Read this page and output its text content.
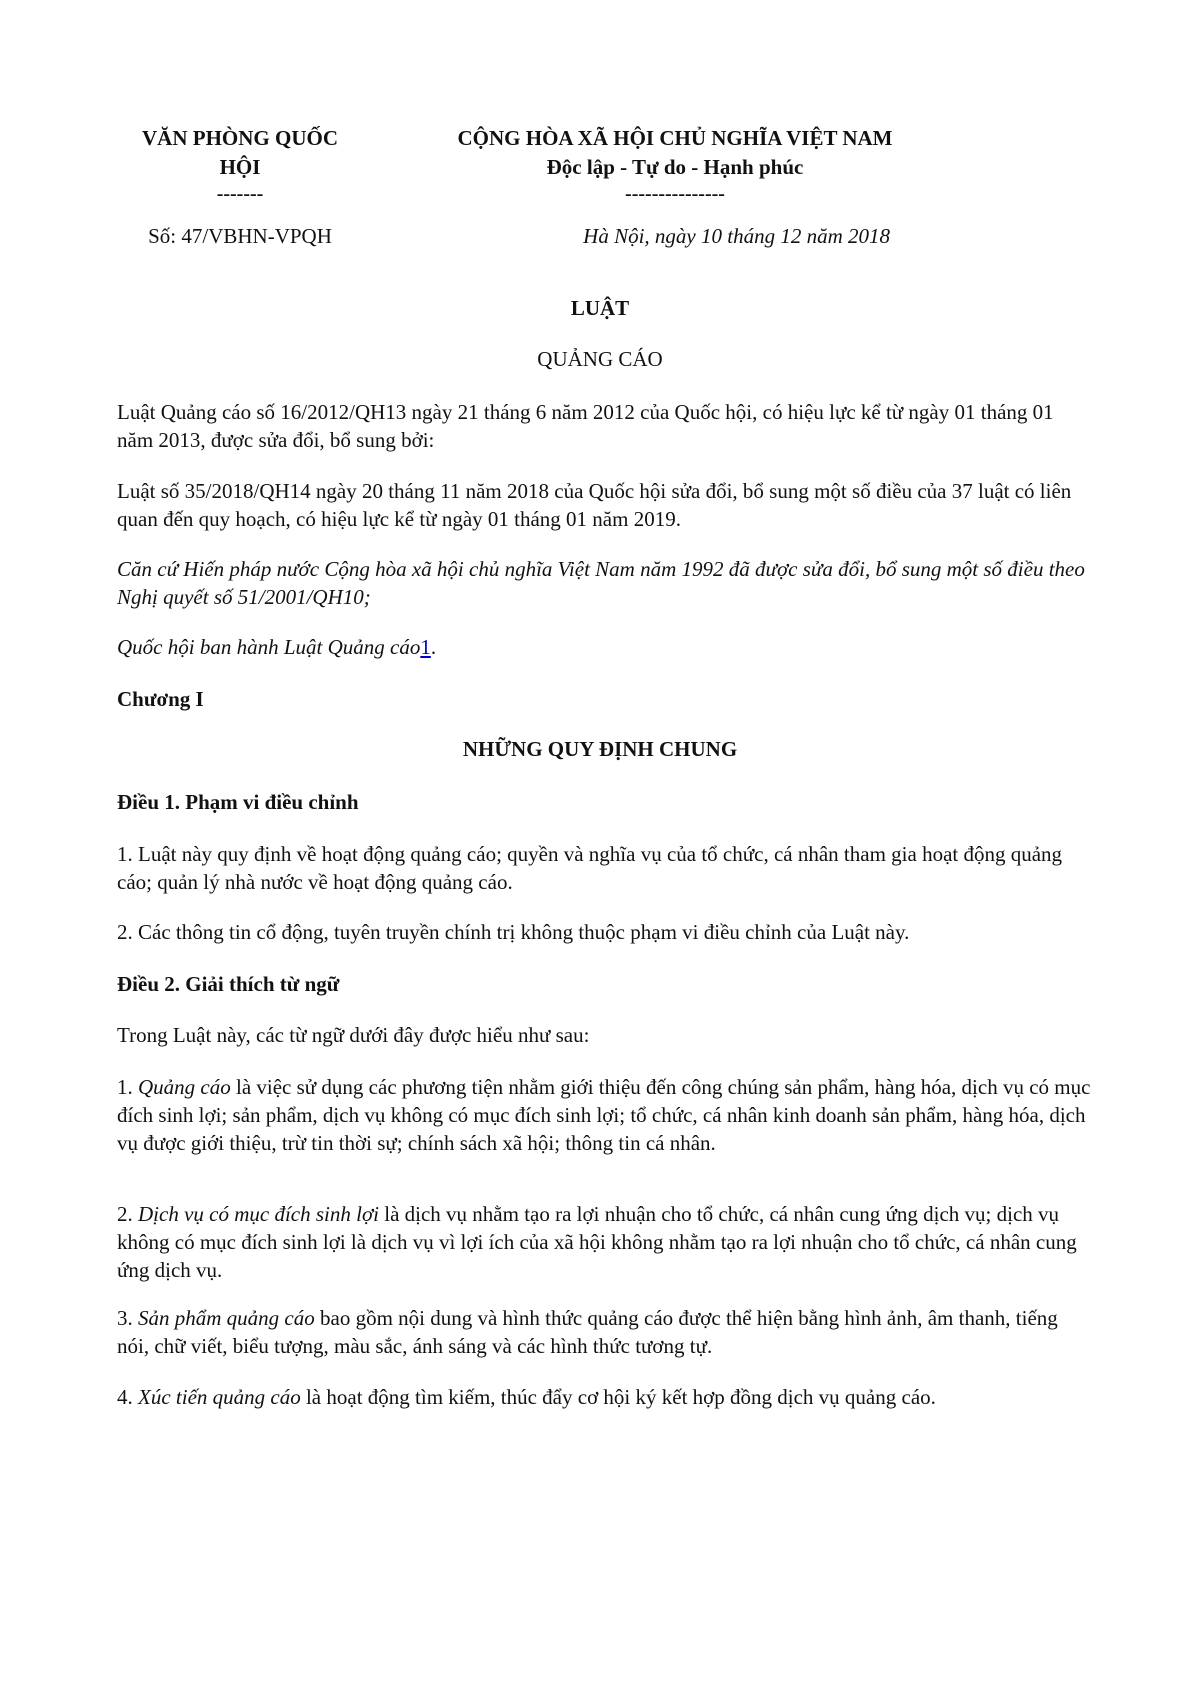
VĂN PHÒNG QUỐC
HỘI
-------
Số: 47/VBHN-VPQH
CỘNG HÒA XÃ HỘI CHỦ NGHĨA VIỆT NAM
Độc lập - Tự do - Hạnh phúc
---------------
Hà Nội, ngày 10 tháng 12 năm 2018
LUẬT
QUẢNG CÁO
Luật Quảng cáo số 16/2012/QH13 ngày 21 tháng 6 năm 2012 của Quốc hội, có hiệu lực kể từ ngày 01 tháng 01 năm 2013, được sửa đổi, bổ sung bởi:
Luật số 35/2018/QH14 ngày 20 tháng 11 năm 2018 của Quốc hội sửa đổi, bổ sung một số điều của 37 luật có liên quan đến quy hoạch, có hiệu lực kể từ ngày 01 tháng 01 năm 2019.
Căn cứ Hiến pháp nước Cộng hòa xã hội chủ nghĩa Việt Nam năm 1992 đã được sửa đổi, bổ sung một số điều theo Nghị quyết số 51/2001/QH10;
Quốc hội ban hành Luật Quảng cáo1.
Chương I
NHỮNG QUY ĐỊNH CHUNG
Điều 1. Phạm vi điều chỉnh
1. Luật này quy định về hoạt động quảng cáo; quyền và nghĩa vụ của tổ chức, cá nhân tham gia hoạt động quảng cáo; quản lý nhà nước về hoạt động quảng cáo.
2. Các thông tin cổ động, tuyên truyền chính trị không thuộc phạm vi điều chỉnh của Luật này.
Điều 2. Giải thích từ ngữ
Trong Luật này, các từ ngữ dưới đây được hiểu như sau:
1. Quảng cáo là việc sử dụng các phương tiện nhằm giới thiệu đến công chúng sản phẩm, hàng hóa, dịch vụ có mục đích sinh lợi; sản phẩm, dịch vụ không có mục đích sinh lợi; tổ chức, cá nhân kinh doanh sản phẩm, hàng hóa, dịch vụ được giới thiệu, trừ tin thời sự; chính sách xã hội; thông tin cá nhân.
2. Dịch vụ có mục đích sinh lợi là dịch vụ nhằm tạo ra lợi nhuận cho tổ chức, cá nhân cung ứng dịch vụ; dịch vụ không có mục đích sinh lợi là dịch vụ vì lợi ích của xã hội không nhằm tạo ra lợi nhuận cho tổ chức, cá nhân cung ứng dịch vụ.
3. Sản phẩm quảng cáo bao gồm nội dung và hình thức quảng cáo được thể hiện bằng hình ảnh, âm thanh, tiếng nói, chữ viết, biểu tượng, màu sắc, ánh sáng và các hình thức tương tự.
4. Xúc tiến quảng cáo là hoạt động tìm kiếm, thúc đẩy cơ hội ký kết hợp đồng dịch vụ quảng cáo.
